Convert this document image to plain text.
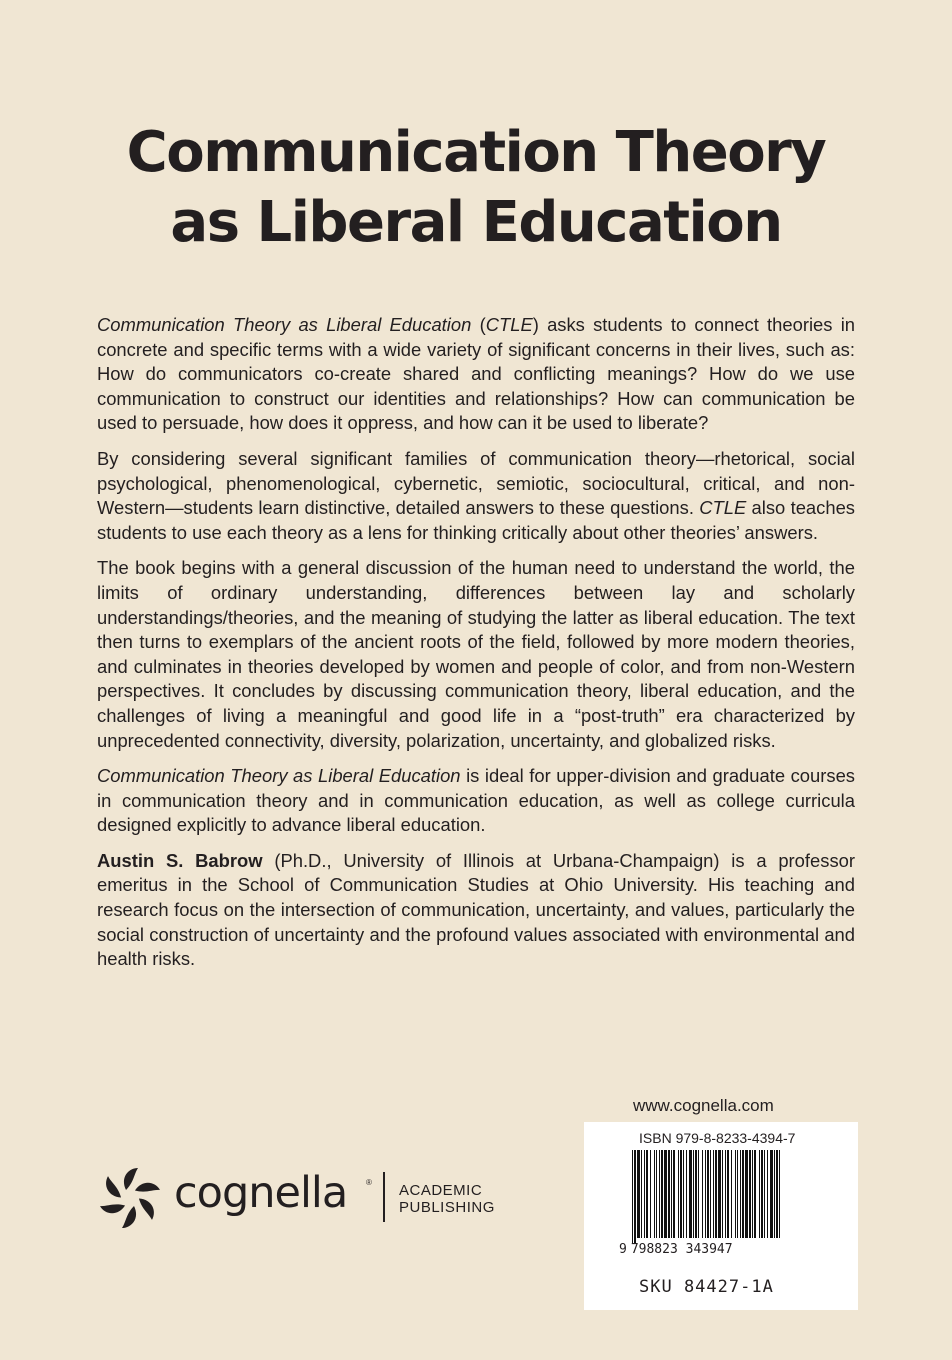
Communication Theory
as Liberal Education

Communication Theory as Liberal Education (CTLE) asks students to connect theories in concrete and specific terms with a wide variety of significant concerns in their lives, such as: How do communicators co-create shared and conflicting meanings? How do we use communication to construct our identities and relationships? How can communication be used to persuade, how does it oppress, and how can it be used to liberate?

By considering several significant families of communication theory—rhetorical, social psychological, phenomenological, cybernetic, semiotic, sociocultural, critical, and non-Western—students learn distinctive, detailed answers to these questions. CTLE also teaches students to use each theory as a lens for thinking critically about other theories’ answers.

The book begins with a general discussion of the human need to understand the world, the limits of ordinary understanding, differences between lay and scholarly understandings/theories, and the meaning of studying the latter as liberal education. The text then turns to exemplars of the ancient roots of the field, followed by more modern theories, and culminates in theories developed by women and people of color, and from non-Western perspectives. It concludes by discussing communication theory, liberal education, and the challenges of living a meaningful and good life in a “post-truth” era characterized by unprecedented connectivity, diversity, polarization, uncertainty, and globalized risks.

Communication Theory as Liberal Education is ideal for upper-division and graduate courses in communication theory and in communication education, as well as college curricula designed explicitly to advance liberal education.

Austin S. Babrow (Ph.D., University of Illinois at Urbana-Champaign) is a professor emeritus in the School of Communication Studies at Ohio University. His teaching and research focus on the intersection of communication, uncertainty, and values, particularly the social construction of uncertainty and the profound values associated with environmental and health risks.

www.cognella.com
ISBN 979-8-8233-4394-7
9 798823 343947
SKU 84427-1A
cognella ® ACADEMIC
PUBLISHING
